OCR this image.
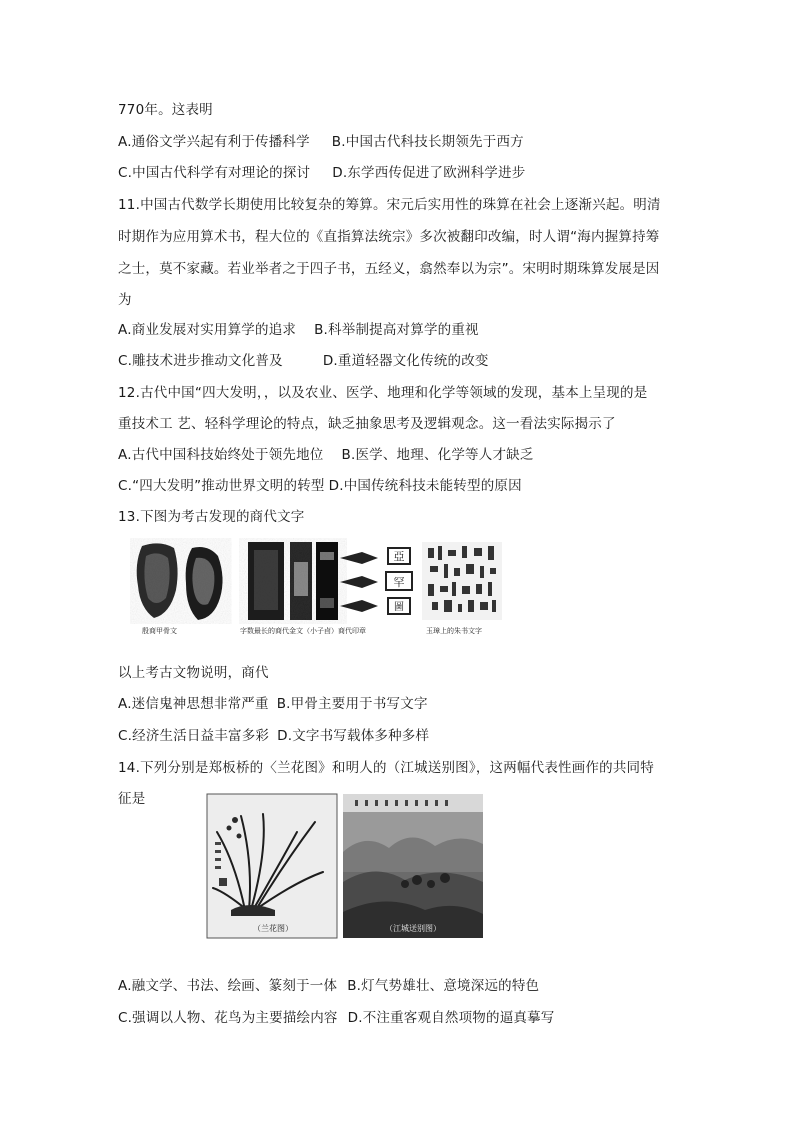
770年。这表明
A.通俗文学兴起有利于传播科学 B.中国古代科技长期领先于西方
C.中国古代科学有对理论的探讨 D.东学西传促进了欧洲科学进步
11.中国古代数学长期使用比较复杂的筹算。宋元后实用性的珠算在社会上逐渐兴起。明清
时期作为应用算术书，程大位的《直指算法统宗》多次被翻印改编，时人谓“海内握算持筹
之士，莫不家藏。若业举者之于四子书，五经义，翕然奉以为宗”。宋明时期珠算发展是因
为
A.商业发展对实用算学的追求 B.科举制提高对算学的重视
C.雕技术进步推动文化普及	D.重道轻器文化传统的改变
12.古代中国“四大发明，，以及农业、医学、地理和化学等领域的发现，基本上呈现的是
重技术工 艺、轻科学理论的特点，缺乏抽象思考及逻辑观念。这一看法实际揭示了
A.古代中国科技始终处于领先地位 B.医学、地理、化学等人才缺乏
C.“四大发明”推动世界文明的转型 D.中国传统科技未能转型的原因
13.下图为考古发现的商代文字
亞
罕
圖
殷商甲骨文	字数最长的商代金文（小子卣） 商代印章	玉璋上的朱书文字
以上考古文物说明，商代
A.迷信鬼神思想非常严重 B.甲骨主要用于书写文字
C.经济生活日益丰富多彩 D.文字书写载体多种多样
14.下列分别是郑板桥的〈兰花图》和明人的（江城送别图》，这两幅代表性画作的共同特
征是
（兰花图）	（江城送别图）
A.融文学、书法、绘画、篆刻于一体 B.灯气势雄壮、意境深远的特色
C.强调以人物、花鸟为主要描绘内容 D.不注重客观自然项物的逼真摹写
